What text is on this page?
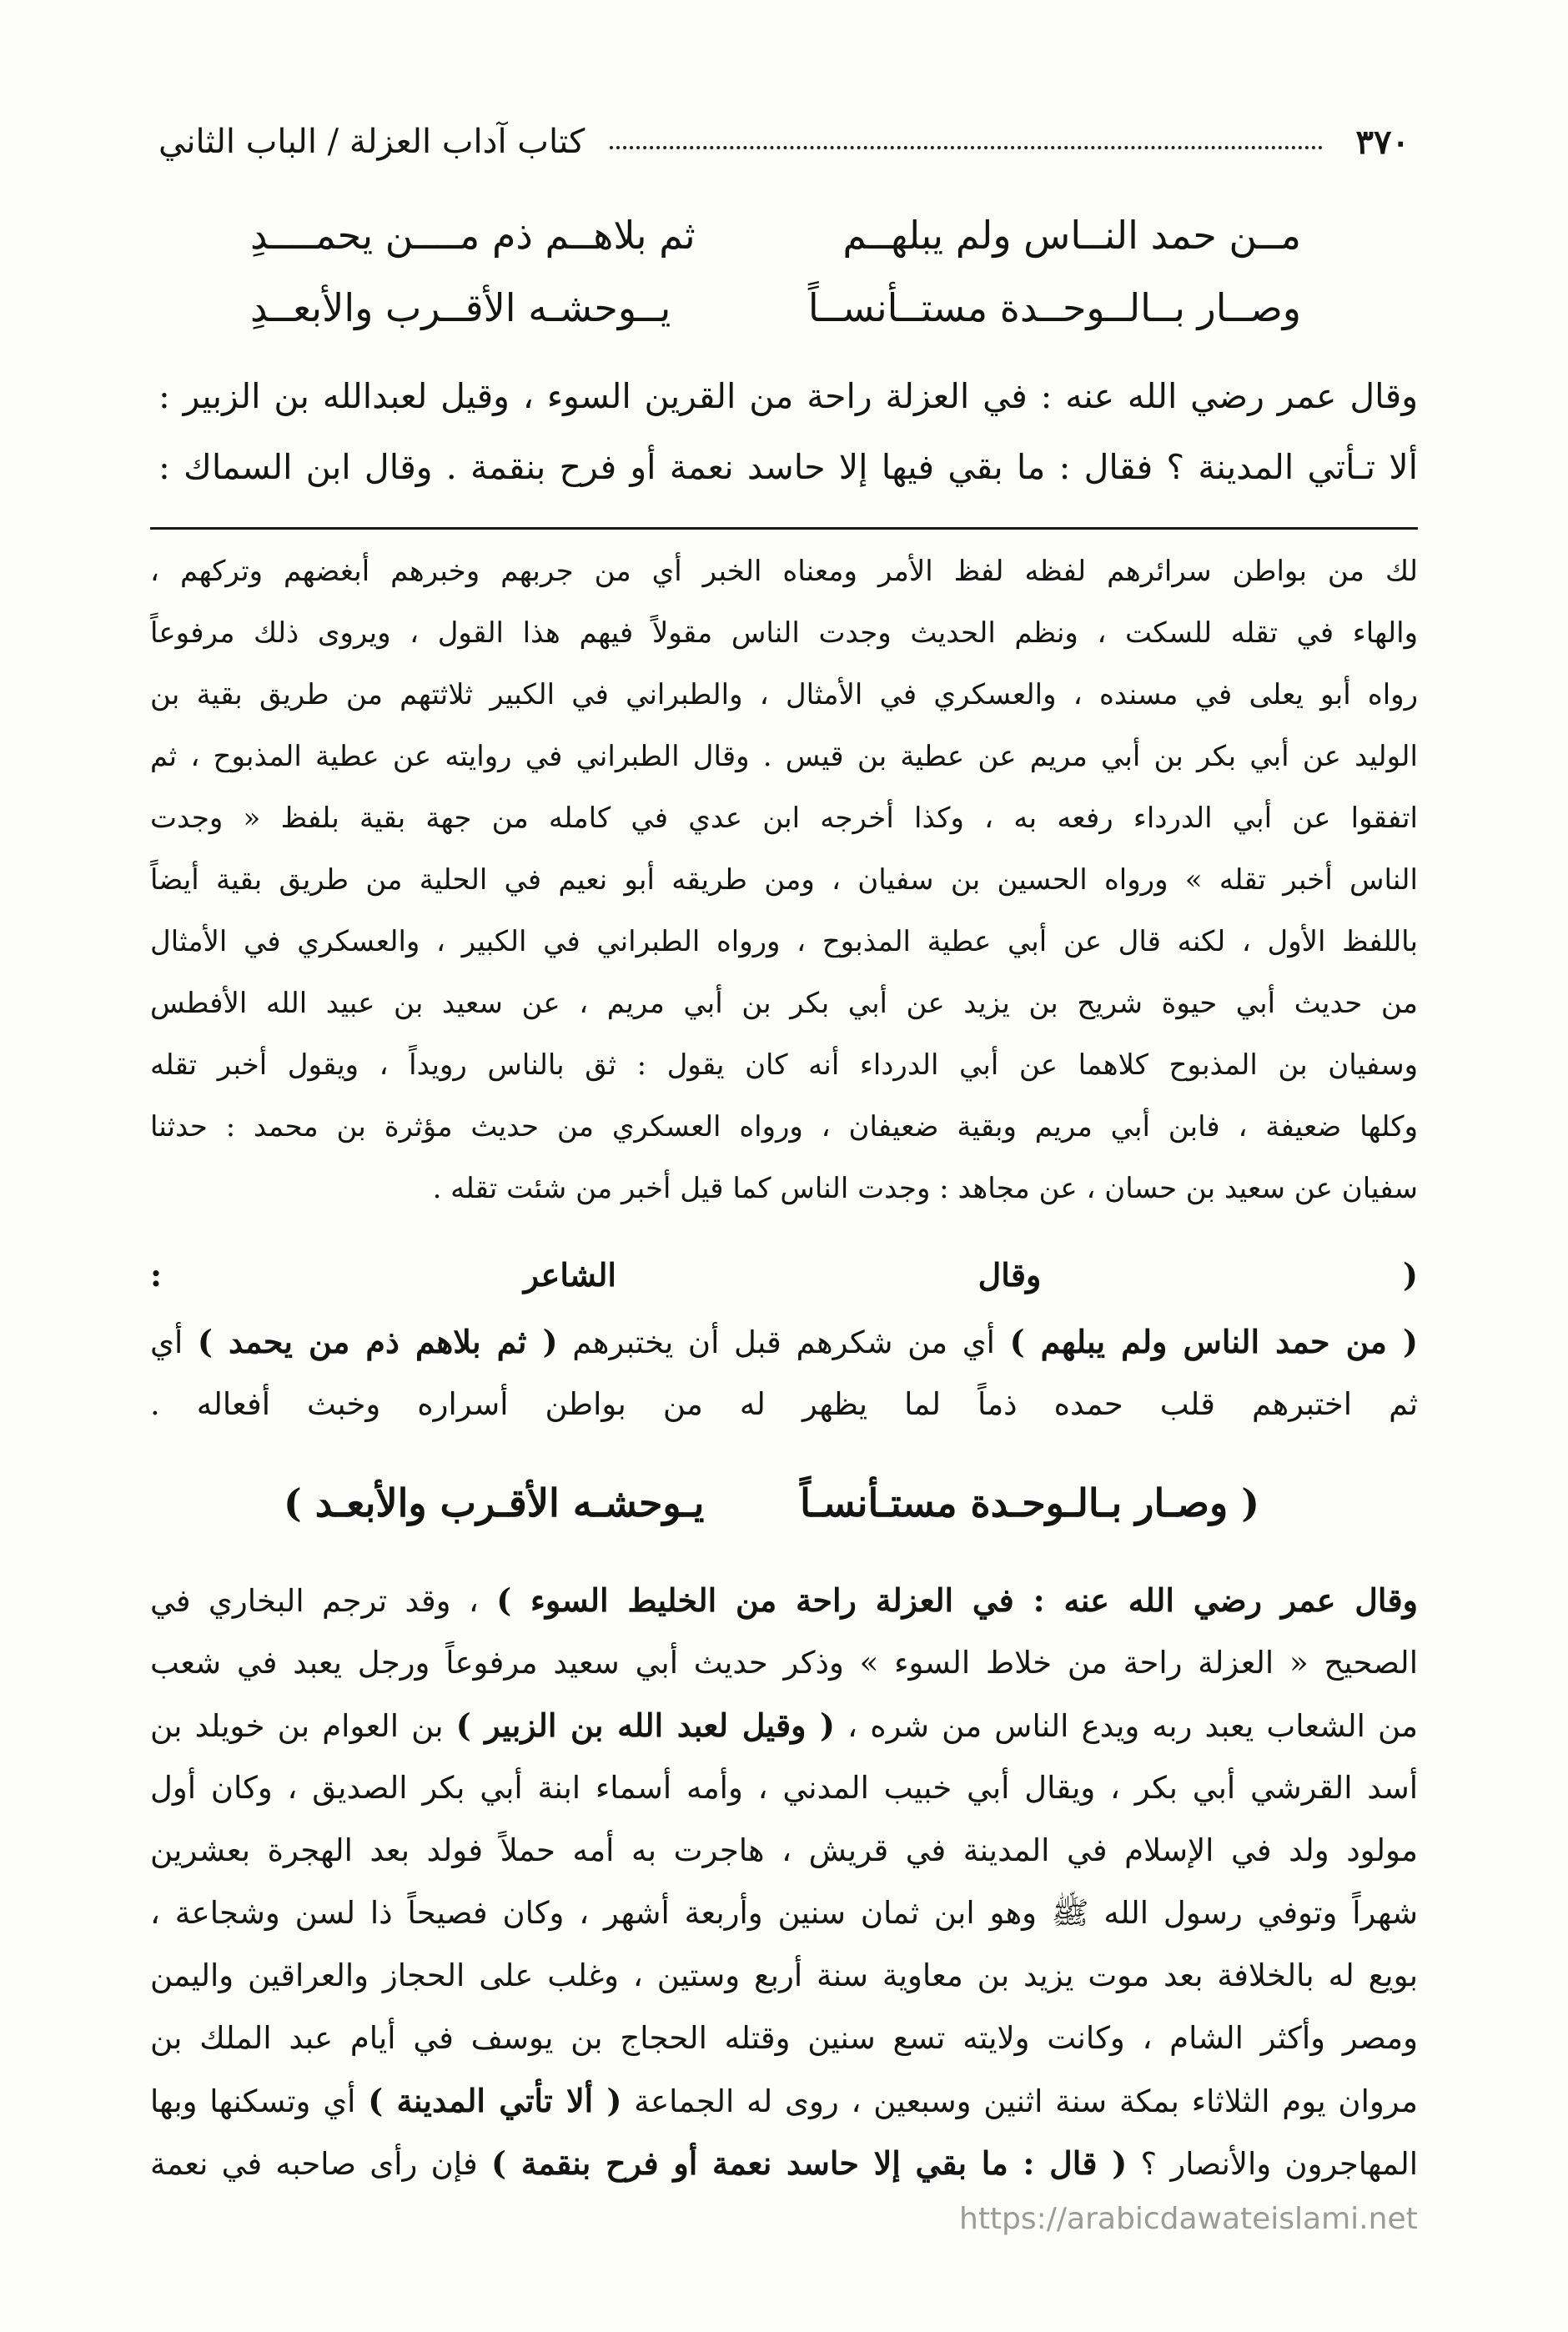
٣٧٠
كتاب آداب العزلة / الباب الثاني
مــن حمد النــاس ولم يبلهــم
ثم بلاهــم ذم مــــن يحمــــدِ
وصــار بــالــوحــدة مستــأنســاً
يــوحشـه الأقــرب والأبعــدِ
وقال عمر رضي الله عنه : في العزلة راحة من القرين السوء ، وقيل لعبدالله بن الزبير :
ألا تـأتي المدينة ؟ فقال : ما بقي فيها إلا حاسد نعمة أو فرح بنقمة . وقال ابن السماك :
لك من بواطن سرائرهم لفظه لفظ الأمر ومعناه الخبر أي من جربهم وخبرهم أبغضهم وتركهم ،
والهاء في تقله للسكت ، ونظم الحديث وجدت الناس مقولاً فيهم هذا القول ، ويروى ذلك مرفوعاً
رواه أبو يعلى في مسنده ، والعسكري في الأمثال ، والطبراني في الكبير ثلاثتهم من طريق بقية بن
الوليد عن أبي بكر بن أبي مريم عن عطية بن قيس . وقال الطبراني في روايته عن عطية المذبوح ، ثم
اتفقوا عن أبي الدرداء رفعه به ، وكذا أخرجه ابن عدي في كامله من جهة بقية بلفظ « وجدت
الناس أخبر تقله » ورواه الحسين بن سفيان ، ومن طريقه أبو نعيم في الحلية من طريق بقية أيضاً
باللفظ الأول ، لكنه قال عن أبي عطية المذبوح ، ورواه الطبراني في الكبير ، والعسكري في الأمثال
من حديث أبي حيوة شريح بن يزيد عن أبي بكر بن أبي مريم ، عن سعيد بن عبيد الله الأفطس
وسفيان بن المذبوح كلاهما عن أبي الدرداء أنه كان يقول : ثق بالناس رويداً ، ويقول أخبر تقله
وكلها ضعيفة ، فابن أبي مريم وبقية ضعيفان ، ورواه العسكري من حديث مؤثرة بن محمد : حدثنا
سفيان عن سعيد بن حسان ، عن مجاهد : وجدت الناس كما قيل أخبر من شئت تقله .
( وقال الشاعر :
( من حمد الناس ولم يبلهم ) أي من شكرهم قبل أن يختبرهم ( ثم بلاهم ذم من يحمد ) أي
ثم اختبرهم قلب حمده ذماً لما يظهر له من بواطن أسراره وخبث أفعاله .
( وصـار بـالـوحـدة مستـأنسـاً
يـوحشـه الأقـرب والأبعـد )
وقال عمر رضي الله عنه : في العزلة راحة من الخليط السوء ) ، وقد ترجم البخاري في
الصحيح « العزلة راحة من خلاط السوء » وذكر حديث أبي سعيد مرفوعاً ورجل يعبد في شعب
من الشعاب يعبد ربه ويدع الناس من شره ، ( وقيل لعبد الله بن الزبير ) بن العوام بن خويلد بن
أسد القرشي أبي بكر ، ويقال أبي خبيب المدني ، وأمه أسماء ابنة أبي بكر الصديق ، وكان أول
مولود ولد في الإسلام في المدينة في قريش ، هاجرت به أمه حملاً فولد بعد الهجرة بعشرين
شهراً وتوفي رسول الله ﷺ وهو ابن ثمان سنين وأربعة أشهر ، وكان فصيحاً ذا لسن وشجاعة ،
بويع له بالخلافة بعد موت يزيد بن معاوية سنة أربع وستين ، وغلب على الحجاز والعراقين واليمن
ومصر وأكثر الشام ، وكانت ولايته تسع سنين وقتله الحجاج بن يوسف في أيام عبد الملك بن
مروان يوم الثلاثاء بمكة سنة اثنين وسبعين ، روى له الجماعة ( ألا تأتي المدينة ) أي وتسكنها وبها
المهاجرون والأنصار ؟ ( قال : ما بقي إلا حاسد نعمة أو فرح بنقمة ) فإن رأى صاحبه في نعمة
https://arabicdawateislami.net
